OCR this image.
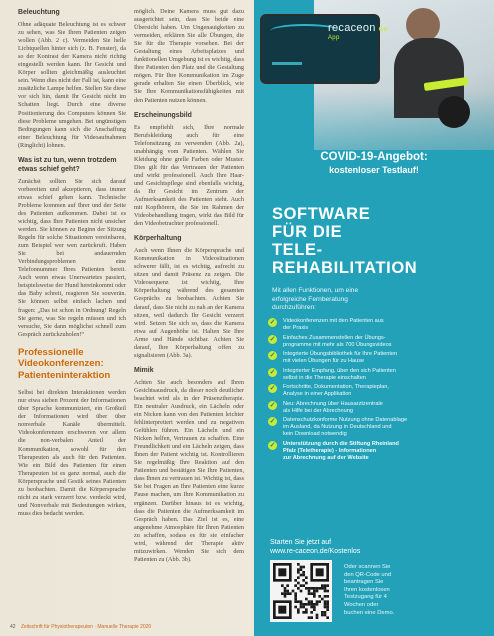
Beleuchtung

Ohne adäquate Beleuchtung ist es schwer zu sehen, was Sie Ihren Patienten zeigen wollen (Abb. 2 c). Vermeiden Sie helle Lichtquellen hinter sich (z. B. Fenster), da so der Kontrast der Kamera nicht richtig eingestellt werden kann. Ihr Gesicht und Körper sollten gleichmäßig ausleuchtet sein. Wenn dies nicht der Fall ist, kann eine zusätzliche Lampe helfen. Stellen Sie diese vor sich hin, damit Ihr Gesicht nicht im Schatten liegt. Durch eine diverse Positionierung des Computers können Sie diese Probleme umgehen. Bei ungünstigen Bedingungen kann sich die Anschaffung einer Beleuchtung für Videoaufnahmen (Ringlicht) lohnen.

Was ist zu tun, wenn trotzdem etwas schief geht?

Zunächst sollten Sie sich darauf vorbereiten und akzeptieren, dass immer etwas schief gehen kann. Technische Probleme kommen auf Ihrer und der Seite des Patienten aufkommen. Dabei ist es wichtig, dass Ihre Patienten nicht unsicher werden. Sie können zu Beginn der Sitzung Regeln für solche Situationen vereinbaren, zum Beispiel wer wen zurückruft. Haben Sie bei andauernden Verbindungsproblemen eine Telefonnummer Ihres Patienten bereit. Auch wenn etwas Unerwartetes passiert, beispielsweise der Hund hereinkommt oder das Baby schreit, reagieren Sie souverän. Sie können selbst einfach lachen und fragen: „Das ist schon in Ordnung! Regeln Sie gerne, was Sie regeln müssen und ich versuche, Sie dann möglichst schnell zum Gespräch zurückzuholen!“

Professionelle Videokonferenzen: Patienteninteraktion

Selbst bei direkten Interaktionen werden nur etwa sieben Prozent der Informationen über Sprache kommuniziert, ein Großteil der Informationen wird über über nonverbale Kanäle übermittelt. Videokonferenzen erschweren vor allem die non-verbalen Anteil der Kommunikation, sowohl für den Therapeuten als auch für den Patienten. Wie ein Bild des Patienten für einen Therapeuten ist es ganz normal, auch die Körpersprache und Gestik seines Patienten zu beobachten. Damit die Körpersprache nicht zu stark verzerrt bzw. verdeckt wird, und Nonverbale mit Bedeutungen wirken, muss dies bedacht werden.

möglich. Deine Kamera muss gut dazu ausgerichtet sein, dass Sie beide eine Übersicht haben. Um Ungenauigkeiten zu vermeiden, erklären Sie alle Übungen, die Sie für die Therapie vorsehen. Bei der Gestaltung eines Arbeitsplatzes und funktionellen Umgebung ist es wichtig, dass Ihre Patienten den Platz und die Gestaltung mögen. Für Ihre Kommunikation im Zuge gerade erhalten Sie einen Überblick, wie Sie Ihre Kommunikationsfähigkeiten mit den Patienten nutzen können.

Erscheinungsbild

Es empfiehlt sich, Ihre normale Berufskleidung auch für eine Telefonsitzung zu verwenden (Abb. 2a), unabhängig vom Patienten. Wählen Sie Kleidung ohne grelle Farben oder Muster. Dies gilt für das Vertrauen der Patienten und wirkt professionell. Auch Ihre Haar- und Gesichtspflege sind ebenfalls wichtig, da Ihr Gesicht im Zentrum der Aufmerksamkeit des Patienten steht. Auch mit Kopfhörern, die Sie im Rahmen der Videobehandlung tragen, wirkt das Bild für den Videobetrachter professionell.

Körperhaltung

Auch wenn Ihnen die Körpersprache und Kommunikation in Videosituationen schwerer fällt, ist es wichtig, aufrecht zu sitzen und damit Präsenz zu zeigen. Die Videosequenz ist wichtig, Ihre Körperhaltung während des gesamten Gesprächs zu beobachten. Achten Sie darauf, dass Sie nicht zu nah an der Kamera sitzen, weil dadurch Ihr Gesicht verzerrt wird. Setzen Sie sich so, dass die Kamera etwa auf Augenhöhe ist. Halten Sie Ihre Arme und Hände sichtbar. Achten Sie darauf, Ihre Körperhaltung offen zu signalisieren (Abb. 3a).

Mimik

Achten Sie auch besonders auf Ihren Gesichtsausdruck, da dieser noch deutlicher beachtet wird als in der Präsenztherapie. Ein neutraler Ausdruck, ein Lächeln oder ein Nicken kann von den Patienten leichter fehlinterpretiert werden und zu negativen Gefühlen führen. Ein Lächeln und ein Nicken helfen, Vertrauen zu schaffen. Eine Freundlichkeit und ein Lächeln zeigen, dass Ihnen der Patient wichtig ist. Kontrollieren Sie regelmäßig Ihre Reaktion auf den Patienten und bestätigen Sie Ihre Patienten, dass Ihnen zu vertrauen ist. Wichtig ist, dass Sie bei Fragen an Ihre Patienten eine kurze Pause machen, um Ihre Kommunikation zu ergänzen. Darüber hinaus ist es wichtig, dass die Patienten die Aufmerksamkeit im Gespräch haben. Das Ziel ist es, eine angenehme Atmosphäre für Ihren Patienten zu schaffen, sodass es für sie einfacher wird, während der Therapie aktiv mitzuwirken. Wenden Sie sich dem Patienten zu (Abb. 3b).

recaceon Go
App
COVID-19-Angebot:
kostenloser Testlauf!
SOFTWARE
FÜR DIE
TELE-
REHABILITATION
Mit allen Funktionen, um eine
erfolgreiche Fernberatung
durchzuführen:
✓ Videokonferenzen mit den Patienten aus
der Praxis
✓ Einfaches Zusammenstellen der Übungs-
programme mit mehr als 700 Übungsvideos
✓ Integrierte Übungsbibliothek für Ihre Patienten
mit vielen Übungen für zu Hause
✓ Integrierter Empfang, über den sich Patienten
selbst in die Therapie einschalten
✓ Fortschritte, Dokumentation, Therapieplan,
Analyse in einer Applikation
✓ Neu: Abrechnung über Hausarztzentrale
als Hilfe bei der Abrechnung
✓ Datenschutzkonforme Nutzung ohne Datenablage
im Ausland, da Nutzung in Deutschland und
kein Download notwendig
✓ Unterstützung durch die Stiftung Rheinland
Pfalz (Teletherapie) - Informationen
zur Abrechnung auf der Website
Starten Sie jetzt auf
www.re-caceon.de/Kostenlos
Oder scannen Sie
den QR-Code und
beantragen Sie
Ihren kostenlosen
Testzugang für 4
Wochen oder
buchen eine Demo.
42 Zeitschrift für Physiotherapeuten · Manuelle Therapie 2020
